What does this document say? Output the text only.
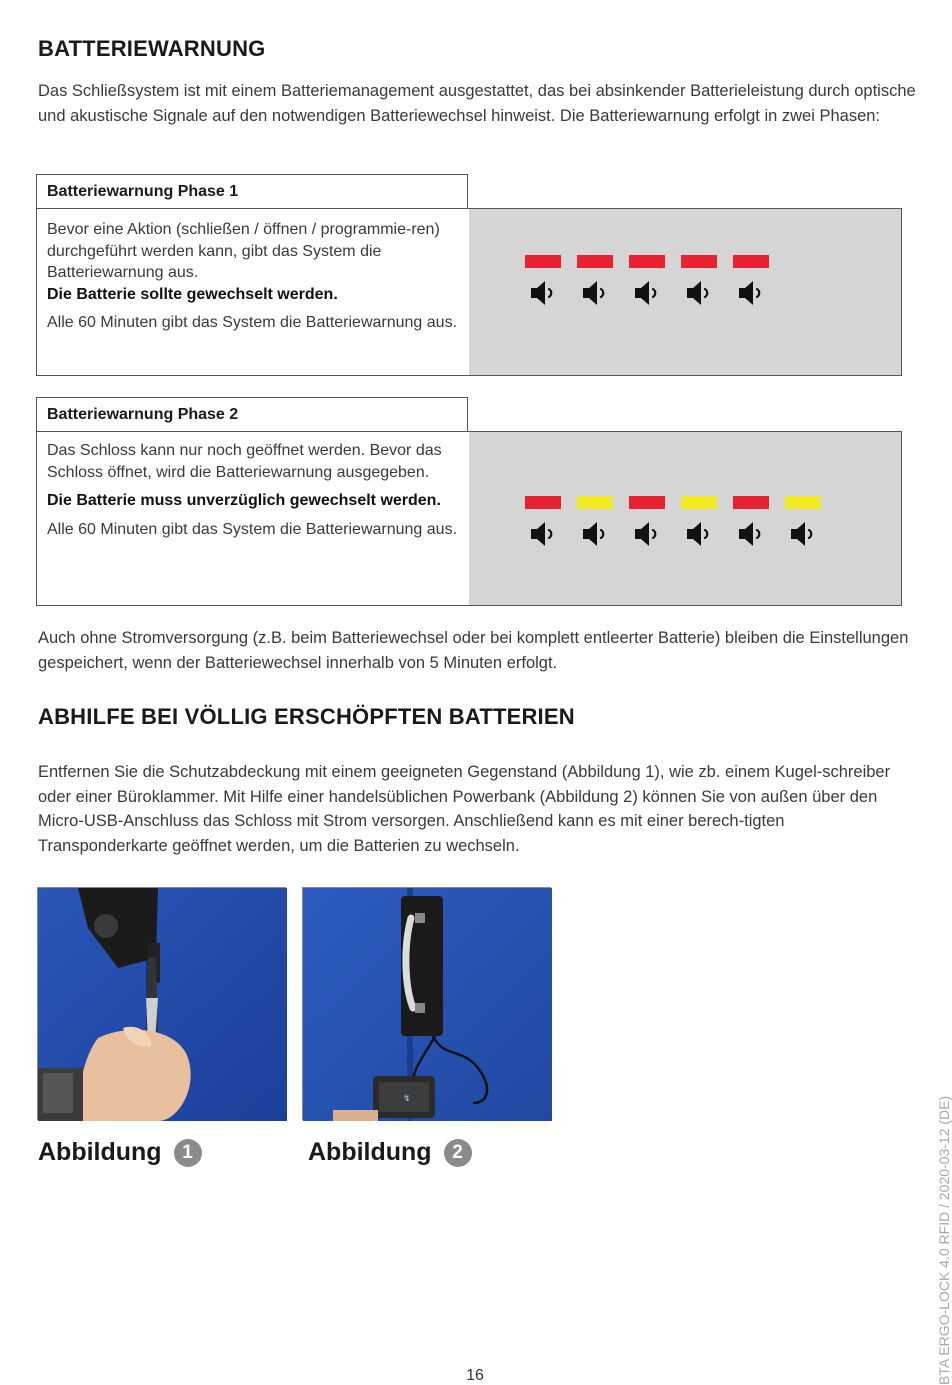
BATTERIEWARNUNG

Das Schließsystem ist mit einem Batteriemanagement ausgestattet, das bei absinkender Batterieleistung durch optische und akustische Signale auf den notwendigen Batteriewechsel hinweist. Die Batteriewarnung erfolgt in zwei Phasen:

Batteriewarnung Phase 1

Bevor eine Aktion (schließen / öffnen / programmie-ren) durchgeführt werden kann, gibt das System die Batteriewarnung aus.

Die Batterie sollte gewechselt werden.

Alle 60 Minuten gibt das System die Batteriewarnung aus.

Batteriewarnung Phase 2

Das Schloss kann nur noch geöffnet werden. Bevor das Schloss öffnet, wird die Batteriewarnung ausgegeben.

Die Batterie muss unverzüglich gewechselt werden.

Alle 60 Minuten gibt das System die Batteriewarnung aus.

Auch ohne Stromversorgung (z.B. beim Batteriewechsel oder bei komplett entleerter Batterie) bleiben die Einstellungen gespeichert, wenn der Batteriewechsel innerhalb von 5 Minuten erfolgt.

ABHILFE BEI VÖLLIG ERSCHÖPFTEN BATTERIEN

Entfernen Sie die Schutzabdeckung mit einem geeigneten Gegenstand (Abbildung 1), wie zb. einem Kugel-schreiber oder einer Büroklammer. Mit Hilfe einer handelsüblichen Powerbank (Abbildung 2) können Sie von außen über den Micro-USB-Anschluss das Schloss mit Strom versorgen. Anschließend kann es mit einer berech-tigten Transponderkarte geöffnet werden, um die Batterien zu wechseln.

↯
Abbildung	1	Abbildung	2	BTA ERGO-LOCK 4.0 RFID / 2020-03-12 (DE)
16
